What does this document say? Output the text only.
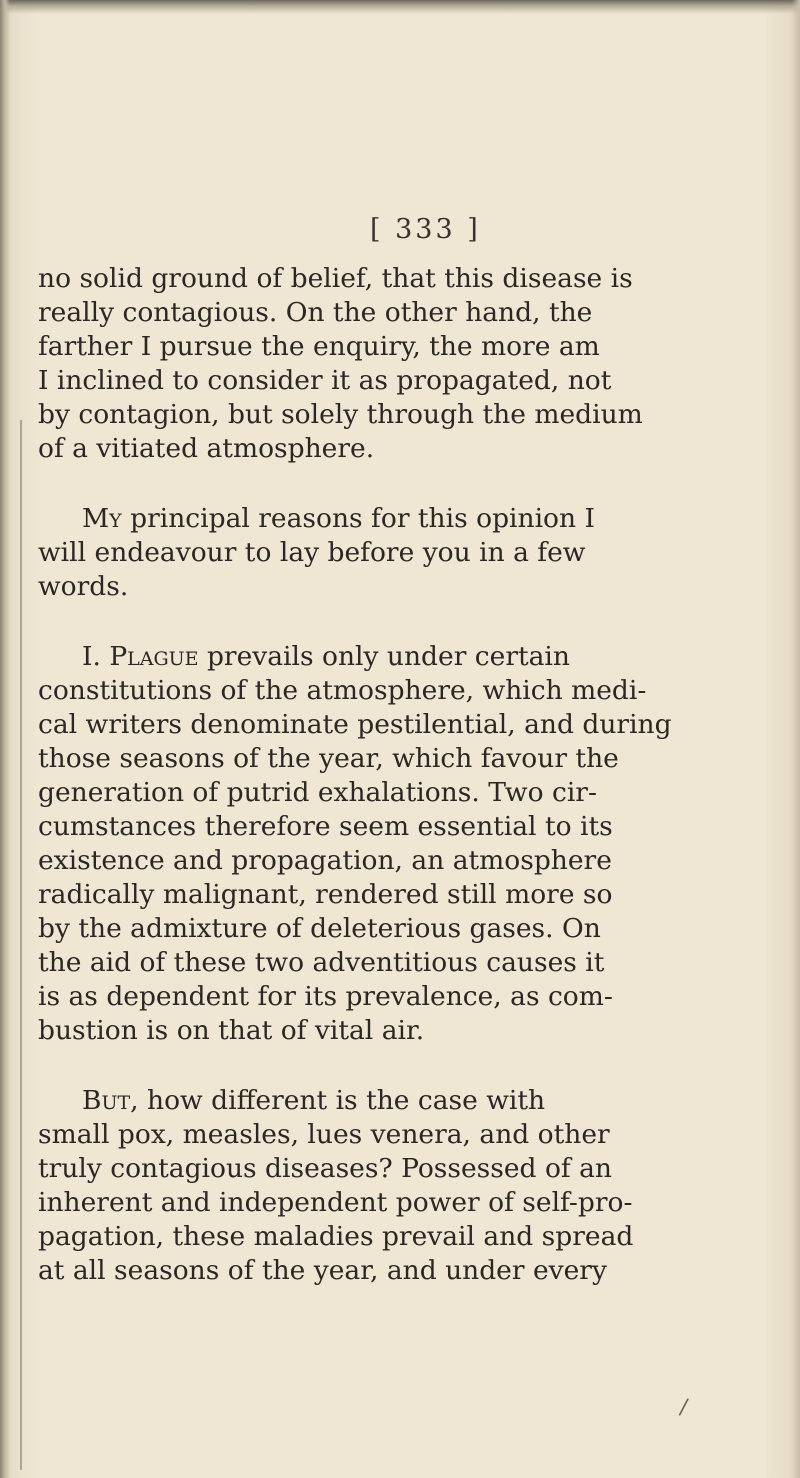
[ 333 ]
no solid ground of belief, that this disease is
really contagious. On the other hand, the
farther I pursue the enquiry, the more am
I inclined to consider it as propagated, not
by contagion, but solely through the medium
of a vitiated atmosphere.
My principal reasons for this opinion I
will endeavour to lay before you in a few
words.
I. Plague prevails only under certain
constitutions of the atmosphere, which medi-
cal writers denominate pestilential, and during
those seasons of the year, which favour the
generation of putrid exhalations. Two cir-
cumstances therefore seem essential to its
existence and propagation, an atmosphere
radically malignant, rendered still more so
by the admixture of deleterious gases. On
the aid of these two adventitious causes it
is as dependent for its prevalence, as com-
bustion is on that of vital air.
But, how different is the case with
small pox, measles, lues venera, and other
truly contagious diseases? Possessed of an
inherent and independent power of self-pro-
pagation, these maladies prevail and spread
at all seasons of the year, and under every
/
